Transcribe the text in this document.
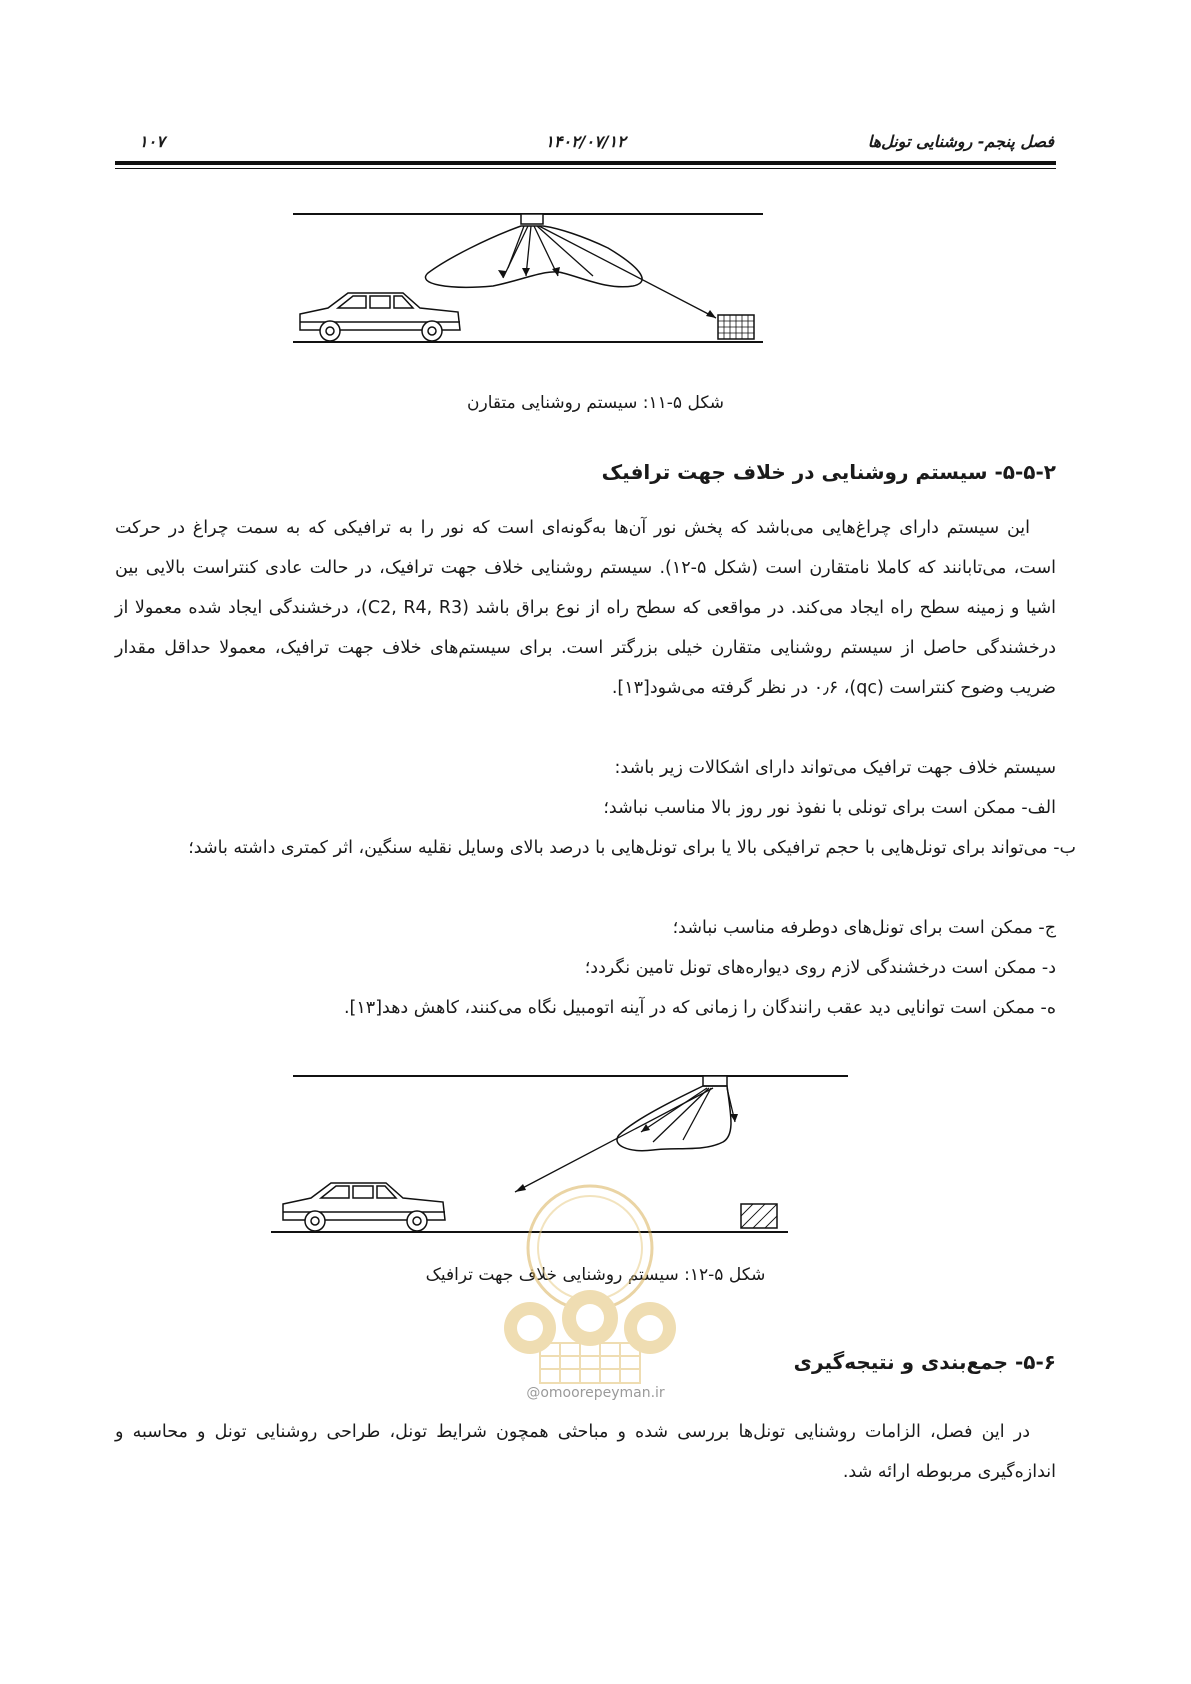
۱۰۷	۱۴۰۲/۰۷/۱۲	فصل پنجم- روشنایی تونل‌ها
شکل ۵-۱۱: سیستم روشنایی متقارن
۵-۵-۲- سیستم روشنایی در خلاف جهت ترافیک
این سیستم دارای چراغ‌هایی می‌باشد که پخش نور آن‌ها به‌گونه‌ای است که نور را به ترافیکی که به سمت چراغ در حرکت است، می‌تابانند که کاملا نامتقارن است (شکل ۵-۱۲). سیستم روشنایی خلاف جهت ترافیک، در حالت عادی کنتراست بالایی بین اشیا و زمینه سطح راه ایجاد می‌کند. در مواقعی که سطح راه از نوع براق باشد (C2, R4, R3)، درخشندگی ایجاد شده معمولا از درخشندگی حاصل از سیستم روشنایی متقارن خیلی بزرگتر است. برای سیستم‌های خلاف جهت ترافیک، معمولا حداقل مقدار ضریب وضوح کنتراست (qc)، ۰٫۶ در نظر گرفته می‌شود[۱۳].
سیستم خلاف جهت ترافیک می‌تواند دارای اشکالات زیر باشد:
الف- ممکن است برای تونلی با نفوذ نور روز بالا مناسب نباشد؛
ب- می‌تواند برای تونل‌هایی با حجم ترافیکی بالا یا برای تونل‌هایی با درصد بالای وسایل نقلیه سنگین، اثر کمتری داشته باشد؛
ج- ممکن است برای تونل‌های دوطرفه مناسب نباشد؛
د- ممکن است درخشندگی لازم روی دیواره‌های تونل تامین نگردد؛
ه- ممکن است توانایی دید عقب رانندگان را زمانی که در آینه اتومبیل نگاه می‌کنند، کاهش دهد[۱۳].
شکل ۵-۱۲: سیستم روشنایی خلاف جهت ترافیک
@omoorepeyman.ir
۵-۶- جمع‌بندی و نتیجه‌گیری
در این فصل، الزامات روشنایی تونل‌ها بررسی شده و مباحثی همچون شرایط تونل، طراحی روشنایی تونل و محاسبه و اندازه‌گیری مربوطه ارائه شد.
